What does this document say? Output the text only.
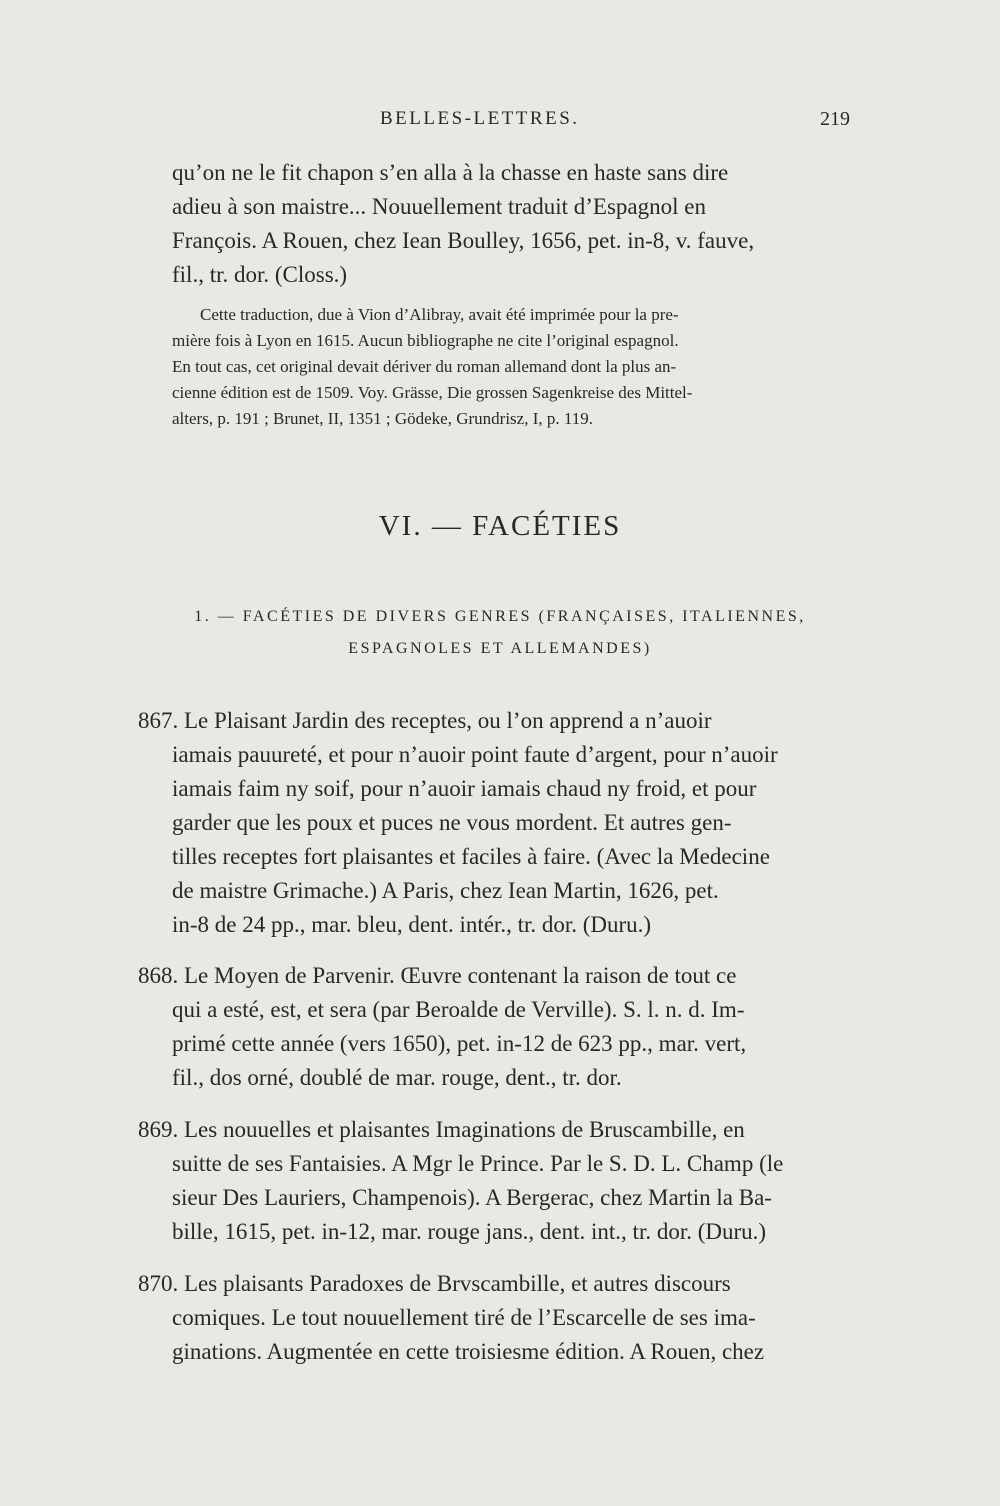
BELLES-LETTRES.	219
qu’on ne le fit chapon s’en alla à la chasse en haste sans dire
adieu à son maistre... Nouuellement traduit d’Espagnol en
François. A Rouen, chez Iean Boulley, 1656, pet. in-8, v. fauve,
fil., tr. dor. (Closs.)
Cette traduction, due à Vion d’Alibray, avait été imprimée pour la pre-
mière fois à Lyon en 1615. Aucun bibliographe ne cite l’original espagnol.
En tout cas, cet original devait dériver du roman allemand dont la plus an-
cienne édition est de 1509. Voy. Grässe, Die grossen Sagenkreise des Mittel-
alters, p. 191 ; Brunet, II, 1351 ; Gödeke, Grundrisz, I, p. 119.
VI. — FACÉTIES
1. — FACÉTIES DE DIVERS GENRES (FRANÇAISES, ITALIENNES,
ESPAGNOLES ET ALLEMANDES)
867. Le Plaisant Jardin des receptes, ou l’on apprend a n’auoir
iamais pauureté, et pour n’auoir point faute d’argent, pour n’auoir
iamais faim ny soif, pour n’auoir iamais chaud ny froid, et pour
garder que les poux et puces ne vous mordent. Et autres gen-
tilles receptes fort plaisantes et faciles à faire. (Avec la Medecine
de maistre Grimache.) A Paris, chez Iean Martin, 1626, pet.
in-8 de 24 pp., mar. bleu, dent. intér., tr. dor. (Duru.)
868. Le Moyen de Parvenir. Œuvre contenant la raison de tout ce
qui a esté, est, et sera (par Beroalde de Verville). S. l. n. d. Im-
primé cette année (vers 1650), pet. in-12 de 623 pp., mar. vert,
fil., dos orné, doublé de mar. rouge, dent., tr. dor.
869. Les nouuelles et plaisantes Imaginations de Bruscambille, en
suitte de ses Fantaisies. A Mgr le Prince. Par le S. D. L. Champ (le
sieur Des Lauriers, Champenois). A Bergerac, chez Martin la Ba-
bille, 1615, pet. in-12, mar. rouge jans., dent. int., tr. dor. (Duru.)
870. Les plaisants Paradoxes de Brvscambille, et autres discours
comiques. Le tout nouuellement tiré de l’Escarcelle de ses ima-
ginations. Augmentée en cette troisiesme édition. A Rouen, chez
